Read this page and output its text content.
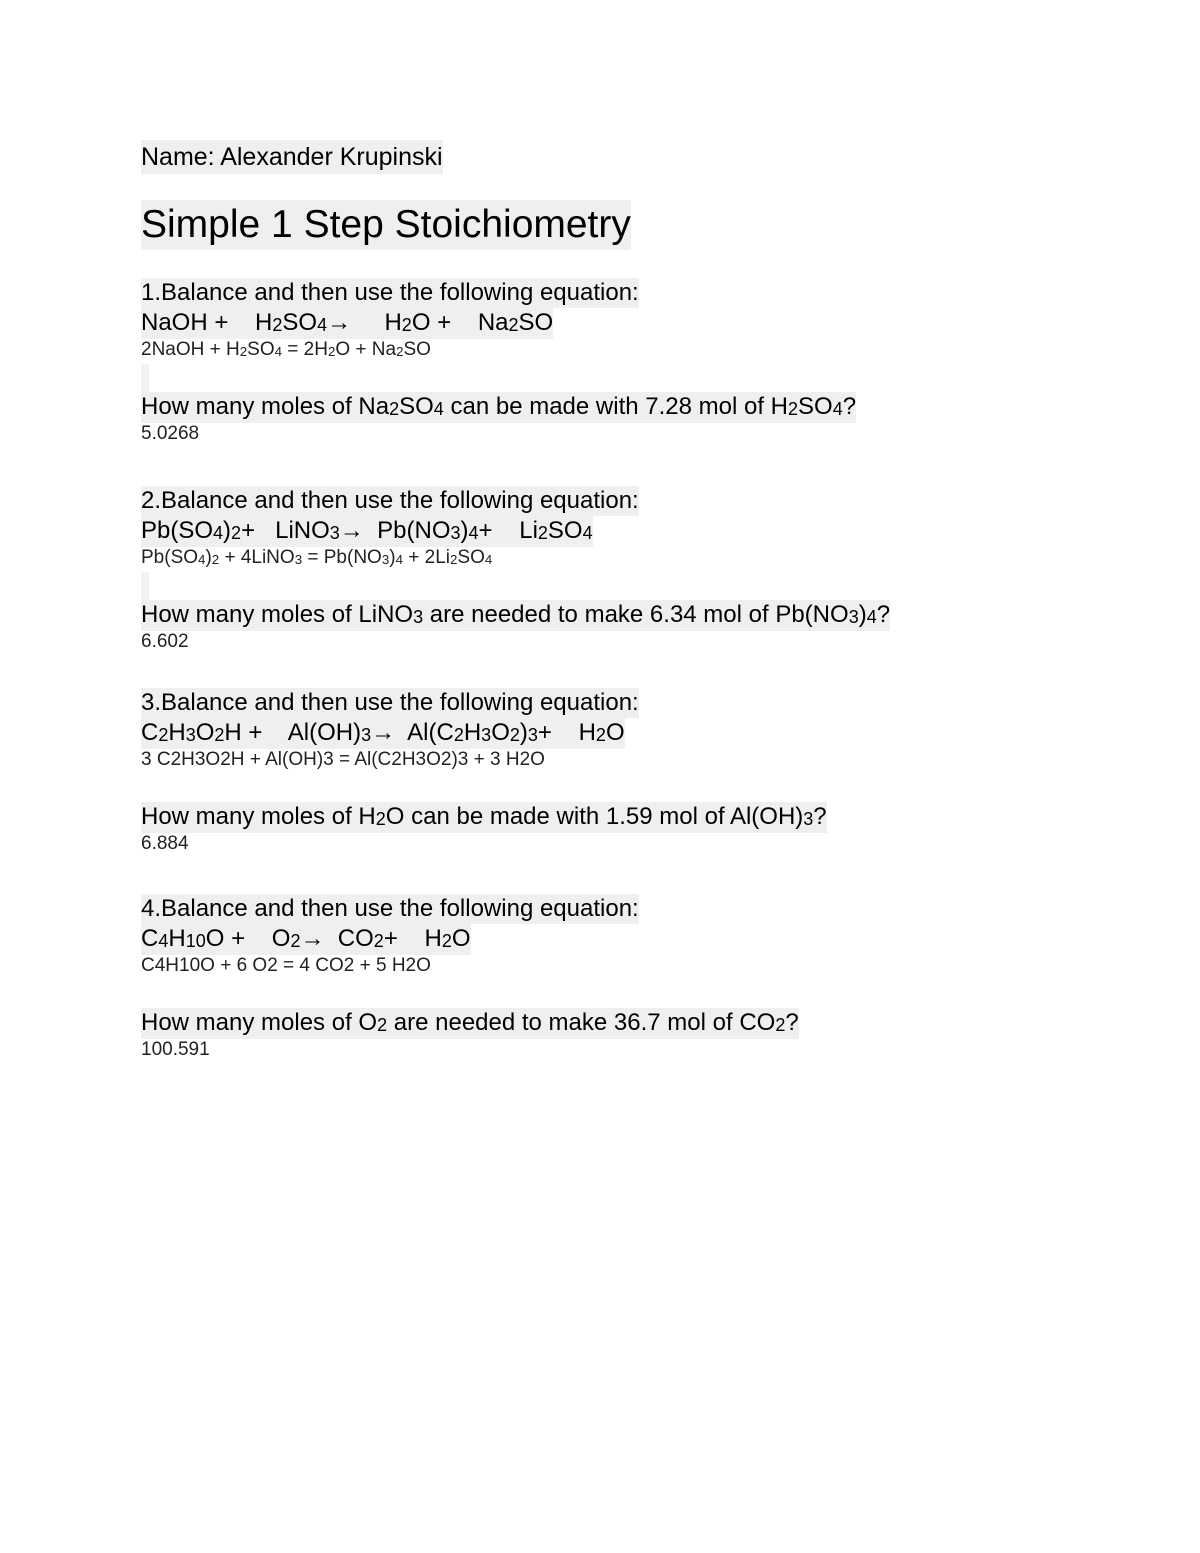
Name: Alexander Krupinski
Simple 1 Step Stoichiometry
1.Balance and then use the following equation:
NaOH + $H_2SO_4\to H_2O + Na_2SO$
2NaOH + $H_2SO_4 = 2H_2O + Na_2SO$
How many moles of $Na_2SO_4$ can be made with 7.28 mol of $H_2SO_4$?
5.0268
2.Balance and then use the following equation:
$Pb(SO_4)_2+$ LiNO$_3$→ $Pb(NO_3)_4+ Li_2SO_4$
$Pb(SO_4)_2$ + 4LiNO$_3$ = $Pb(NO_3)_4 + 2Li_2SO_4$
How many moles of LiNO$_3$ are needed to make 6.34 mol of $Pb(NO_3)_4$?
6.602
3.Balance and then use the following equation:
$C_2H_3O_2H + Al(OH)_3\to Al(C_2H_3O_2)_3+ H_2O$
3 C2H3O2H + Al(OH)3 = Al(C2H3O2)3 + 3 H2O
How many moles of $H_2O$ can be made with 1.59 mol of $Al(OH)_3$?
6.884
4.Balance and then use the following equation:
$C_4H_{10}O + O_2\to CO_2+ H_2O$
C4H10O + 6 O2 = 4 CO2 + 5 H2O
How many moles of $O_2$ are needed to make 36.7 mol of $CO_2$?
100.591
